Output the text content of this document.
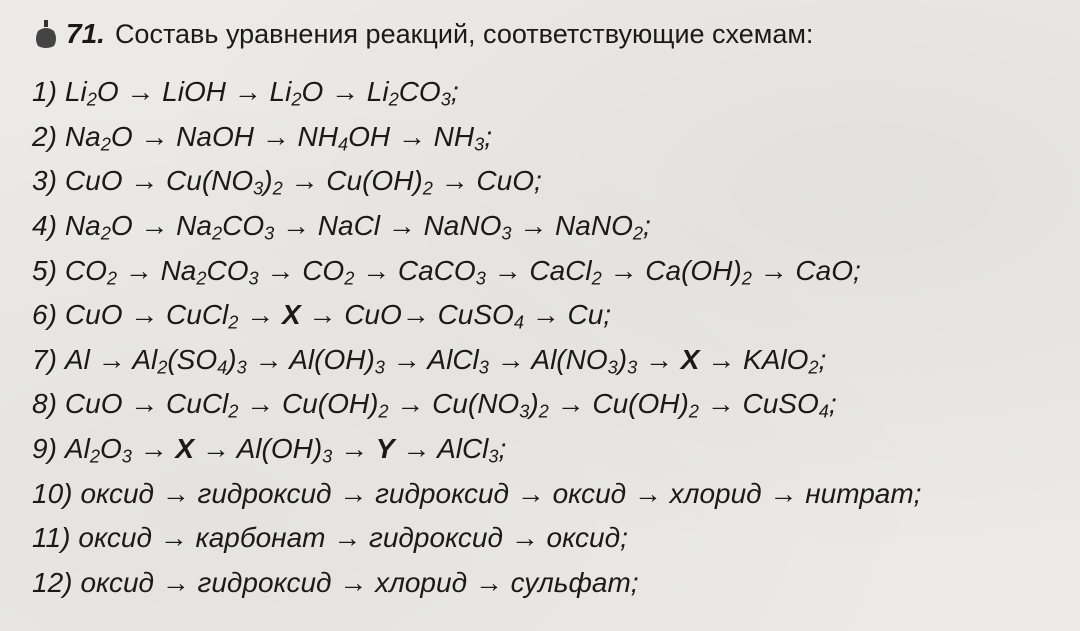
71. Составь уравнения реакций, соответствующие схемам:
1) $Li_2O$ → LiOH → $Li_2O \to Li_2CO_3$;
2) $Na_2O$ → NaOH → $NH_4OH \to NH_3$;
3) CuO → $Cu(NO_3)_2 \to Cu(OH)_2$ → CuO;
4) $Na_2O \to Na_2CO_3$ → NaCl → NaNO$_3$ → NaNO$_2$;
5) $CO_2 \to Na_2CO_3 \to CO_2$ → CaCO$_3$ → CaCl$_2$ → $Ca(OH)_2$ → CaO;
6) CuO → CuCl$_2$ → X → CuO→ CuSO$_4$ → Cu;
7) $Al \to Al_2(SO_4)_3 \to Al(OH)_3$ → AlCl$_3$ → $Al(NO_3)_3 \to X$ → KAlO$_2$;
8) CuO → CuCl$_2$ → $Cu(OH)_2 \to Cu(NO_3)_2 \to Cu(OH)_2$ → CuSO$_4$;
9) $Al_2O_3 \to X \to Al(OH)_3 \to Y$ → AlCl$_3$;
10) оксид → гидроксид → гидроксид → оксид → хлорид → нитрат;
11) оксид → карбонат → гидроксид → оксид;
12) оксид → гидроксид → хлорид → сульфат;
